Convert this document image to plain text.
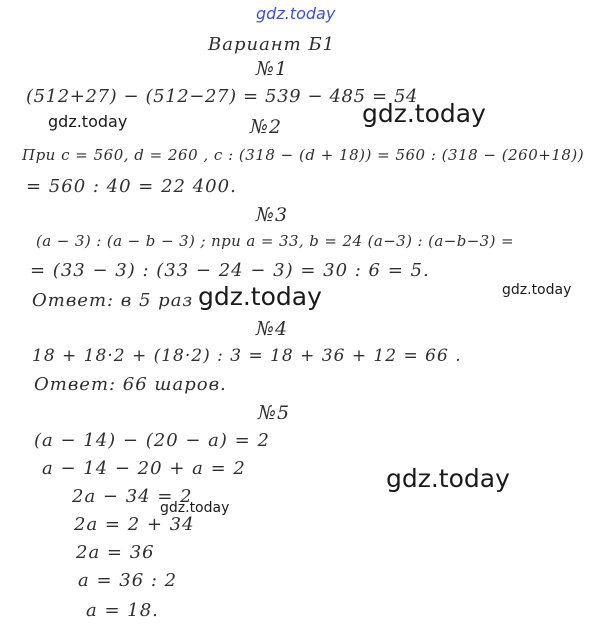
gdz.today
Вариант Б1
№1
(512+27) − (512−27) = 539 − 485 = 54
gdz.today	gdz.today
№2
При c = 560, d = 260 , c : (318 − (d + 18)) = 560 : (318 − (260+18))
= 560 : 40 = 22 400.
№3
(a − 3) : (a − b − 3) ; при a = 33, b = 24 (a−3) : (a−b−3) =
= (33 − 3) : (33 − 24 − 3) = 30 : 6 = 5.
Ответ: в 5 раз gdz.today	gdz.today
№4
18 + 18·2 + (18·2) : 3 = 18 + 36 + 12 = 66 .
Ответ: 66 шаров.
№5
(a − 14) − (20 − a) = 2
a − 14 − 20 + a = 2
2a − 34 = 2
2a = 2 + 34
2a = 36
a = 36 : 2
a = 18.
gdz.today
gdz.today
